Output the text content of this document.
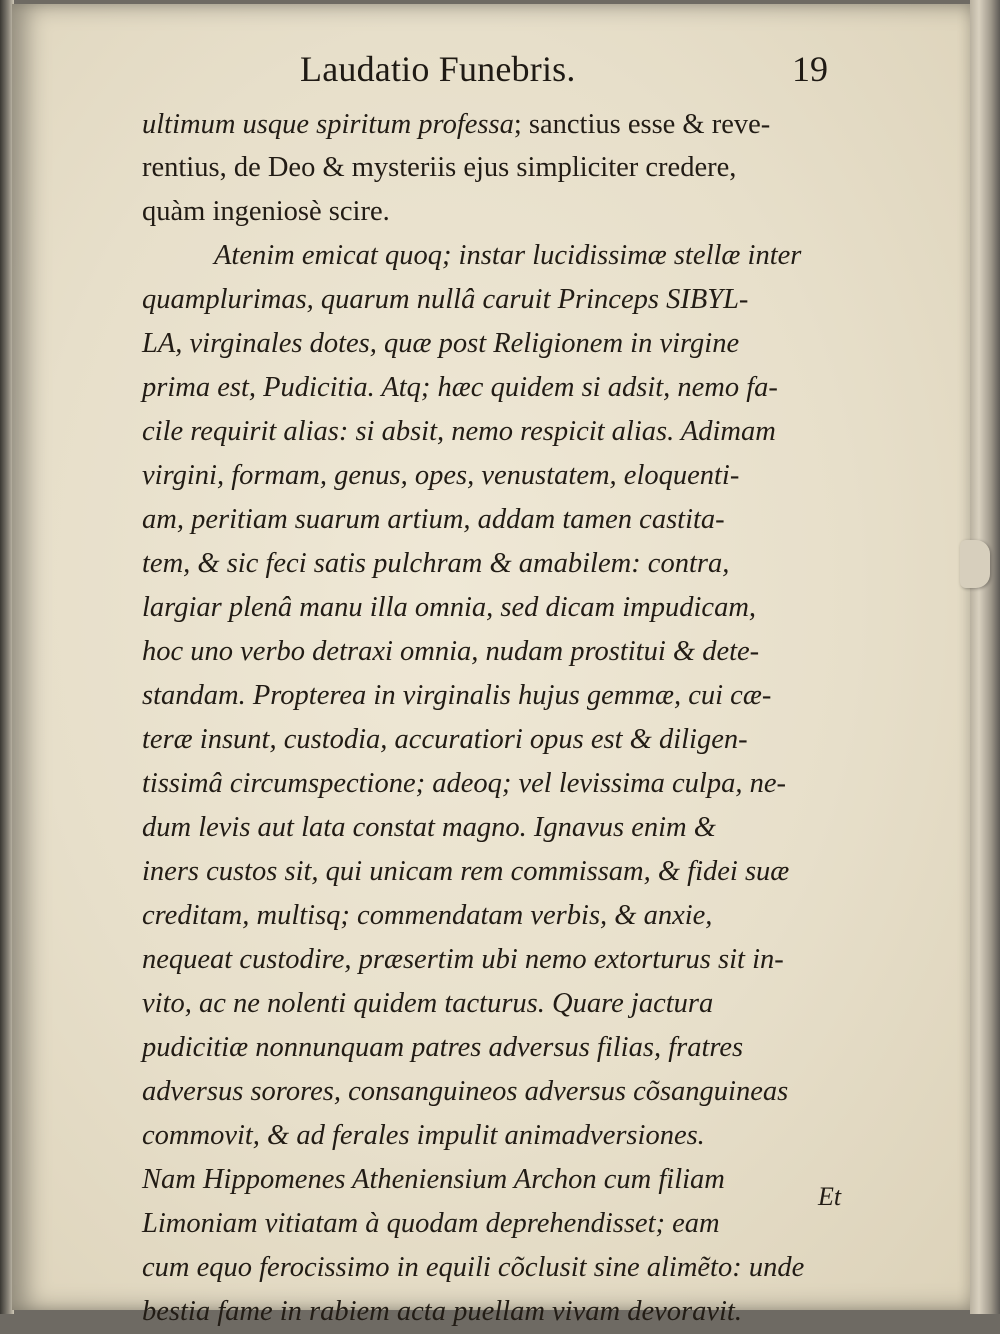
Laudatio Funebris.	19
ultimum usque spiritum professa; sanctius esse & reve-
rentius, de Deo & mysteriis ejus simpliciter credere,
quàm ingeniosè scire.
Atenim emicat quoq; instar lucidissimæ stellæ inter
quamplurimas, quarum nullâ caruit Princeps SIBYL-
LA, virginales dotes, quæ post Religionem in virgine
prima est, Pudicitia. Atq; hæc quidem si adsit, nemo fa-
cile requirit alias: si absit, nemo respicit alias. Adimam
virgini, formam, genus, opes, venustatem, eloquenti-
am, peritiam suarum artium, addam tamen castita-
tem, & sic feci satis pulchram & amabilem: contra,
largiar plenâ manu illa omnia, sed dicam impudicam,
hoc uno verbo detraxi omnia, nudam prostitui & dete-
standam. Propterea in virginalis hujus gemmæ, cui cæ-
teræ insunt, custodia, accuratiori opus est & diligen-
tissimâ circumspectione; adeoq; vel levissima culpa, ne-
dum levis aut lata constat magno. Ignavus enim &
iners custos sit, qui unicam rem commissam, & fidei suæ
creditam, multisq; commendatam verbis, & anxie,
nequeat custodire, præsertim ubi nemo extorturus sit in-
vito, ac ne nolenti quidem tacturus. Quare jactura
pudicitiæ nonnunquam patres adversus filias, fratres
adversus sorores, consanguineos adversus cõsanguineas
commovit, & ad ferales impulit animadversiones.
Nam Hippomenes Atheniensium Archon cum filiam
Limoniam vitiatam à quodam deprehendisset; eam
cum equo ferocissimo in equili cõclusit sine alimẽto: unde
bestia fame in rabiem acta puellam vivam devoravit.
Et
